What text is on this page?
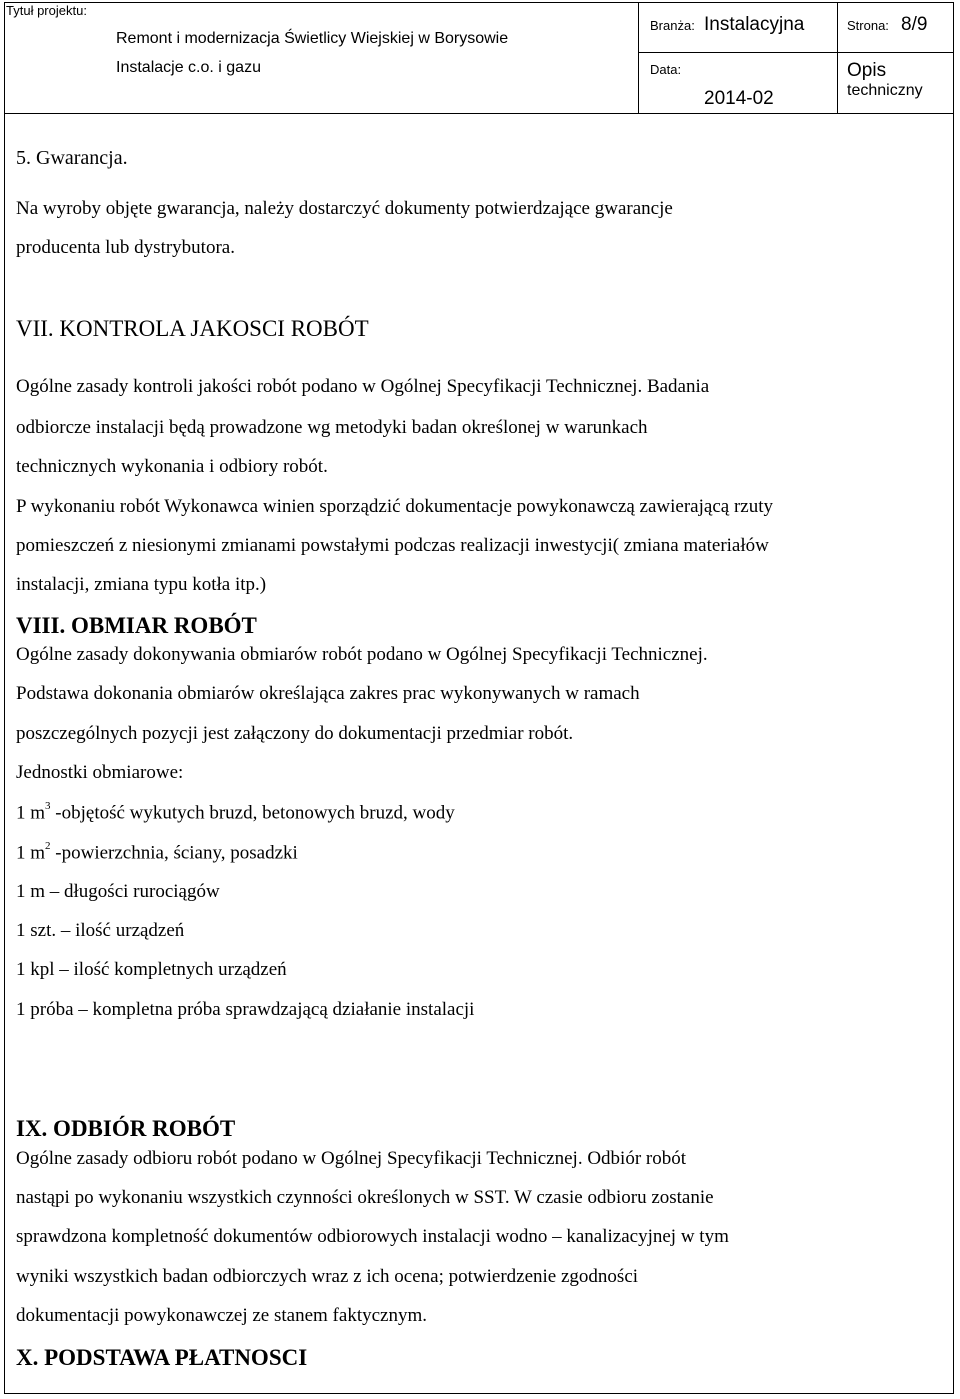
Tytuł projektu:
Remont i modernizacja Świetlicy Wiejskiej w Borysowie
Instalacje c.o. i gazu
Branża: Instalacyjna	Strona: 8/9
Data:
2014-02
Opis
techniczny
5. Gwarancja.
Na wyroby objęte gwarancja, należy dostarczyć dokumenty potwierdzające gwarancje
producenta lub dystrybutora.
VII. KONTROLA JAKOSCI ROBÓT
Ogólne zasady kontroli jakości robót podano w Ogólnej Specyfikacji Technicznej. Badania
odbiorcze instalacji będą prowadzone wg metodyki badan określonej w warunkach
technicznych wykonania i odbiory robót.
P wykonaniu robót Wykonawca winien sporządzić dokumentacje powykonawczą zawierającą rzuty
pomieszczeń z niesionymi zmianami powstałymi podczas realizacji inwestycji( zmiana materiałów
instalacji, zmiana typu kotła itp.)
VIII. OBMIAR ROBÓT
Ogólne zasady dokonywania obmiarów robót podano w Ogólnej Specyfikacji Technicznej.
Podstawa dokonania obmiarów określająca zakres prac wykonywanych w ramach
poszczególnych pozycji jest załączony do dokumentacji przedmiar robót.
Jednostki obmiarowe:
1 $m^3$ -objętość wykutych bruzd, betonowych bruzd, wody
1 $m^2$ -powierzchnia, ściany, posadzki
1 m – długości rurociągów
1 szt. – ilość urządzeń
1 kpl – ilość kompletnych urządzeń
1 próba – kompletna próba sprawdzającą działanie instalacji
IX. ODBIÓR ROBÓT
Ogólne zasady odbioru robót podano w Ogólnej Specyfikacji Technicznej. Odbiór robót
nastąpi po wykonaniu wszystkich czynności określonych w SST. W czasie odbioru zostanie
sprawdzona kompletność dokumentów odbiorowych instalacji wodno – kanalizacyjnej w tym
wyniki wszystkich badan odbiorczych wraz z ich ocena; potwierdzenie zgodności
dokumentacji powykonawczej ze stanem faktycznym.
X. PODSTAWA PŁATNOSCI
